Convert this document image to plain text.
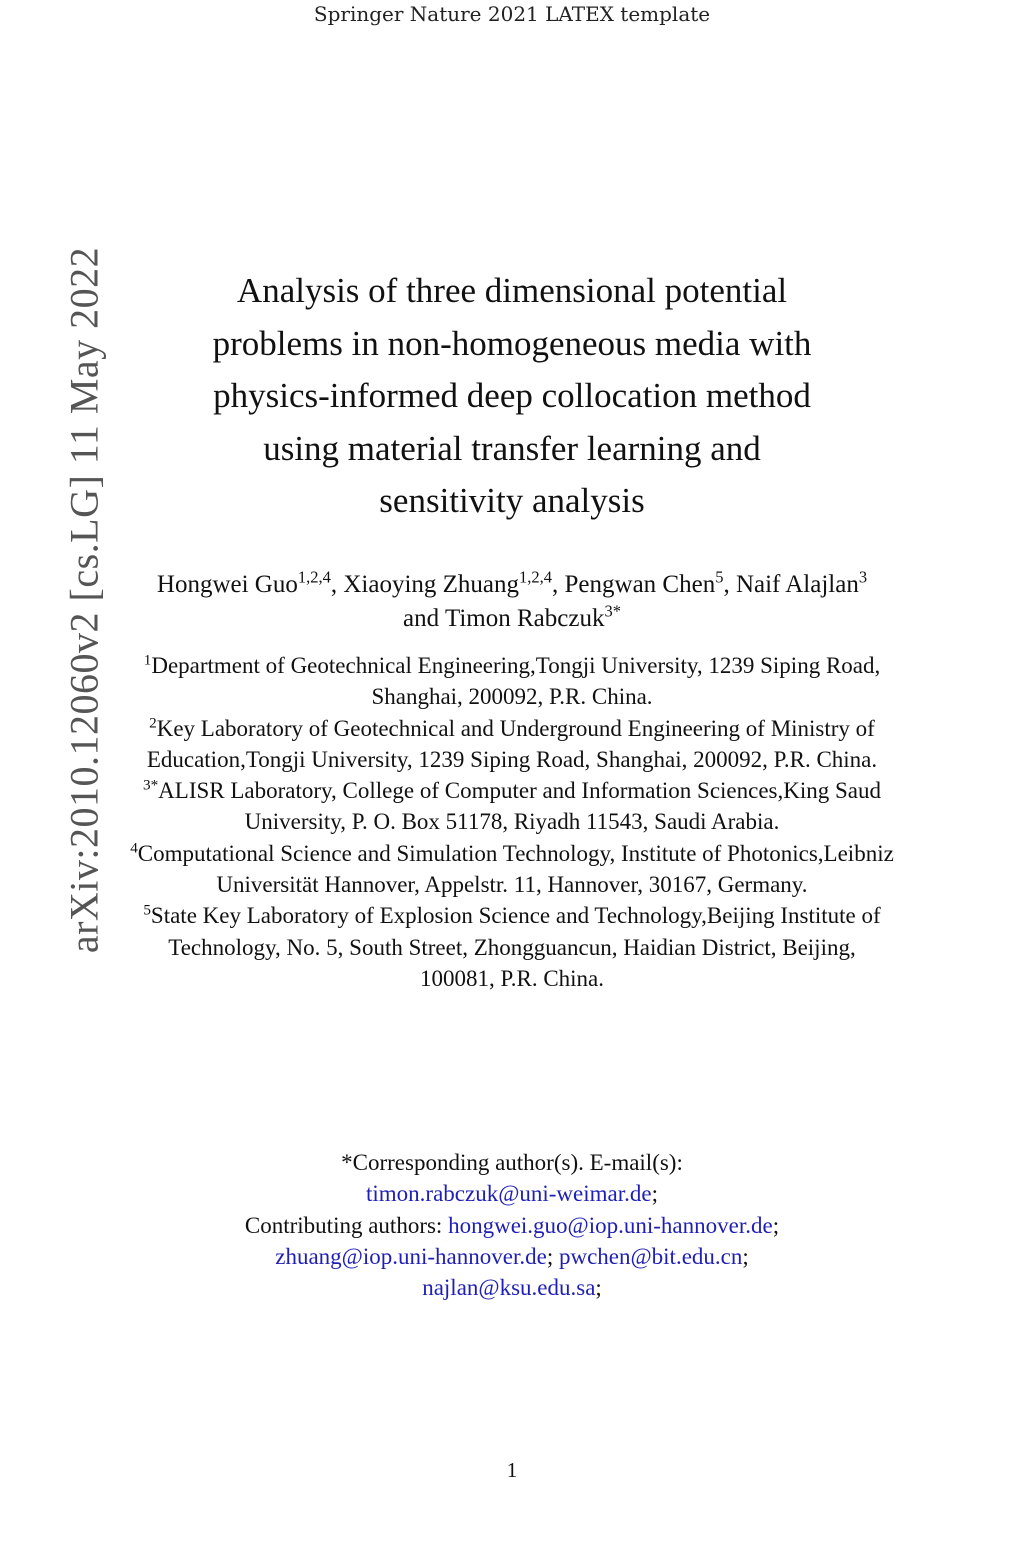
Springer Nature 2021 LATEX template
arXiv:2010.12060v2 [cs.LG] 11 May 2022	Analysis of three dimensional potential
problems in non-homogeneous media with
physics-informed deep collocation method
using material transfer learning and
sensitivity analysis
Hongwei Guo$^{1,2,4}$, Xiaoying Zhuang$^{1,2,4}$, Pengwan Chen$^5$, Naif Alajlan$^3$ and Timon Rabczuk$^{3*}$
$^1$Department of Geotechnical Engineering,Tongji University, 1239 Siping Road, Shanghai, 200092, P.R. China.
$^2$Key Laboratory of Geotechnical and Underground Engineering of Ministry of Education,Tongji University, 1239 Siping Road, Shanghai, 200092, P.R. China.
$^{3*}$ALISR Laboratory, College of Computer and Information Sciences,King Saud University, P. O. Box 51178, Riyadh 11543, Saudi Arabia.
$^4$Computational Science and Simulation Technology, Institute of Photonics,Leibniz Universität Hannover, Appelstr. 11, Hannover, 30167, Germany.
$^5$State Key Laboratory of Explosion Science and Technology,Beijing Institute of Technology, No. 5, South Street, Zhongguancun, Haidian District, Beijing, 100081, P.R. China.
*Corresponding author(s). E-mail(s):
timon.rabczuk@uni-weimar.de;
Contributing authors: hongwei.guo@iop.uni-hannover.de;
zhuang@iop.uni-hannover.de; pwchen@bit.edu.cn;
najlan@ksu.edu.sa;
1
